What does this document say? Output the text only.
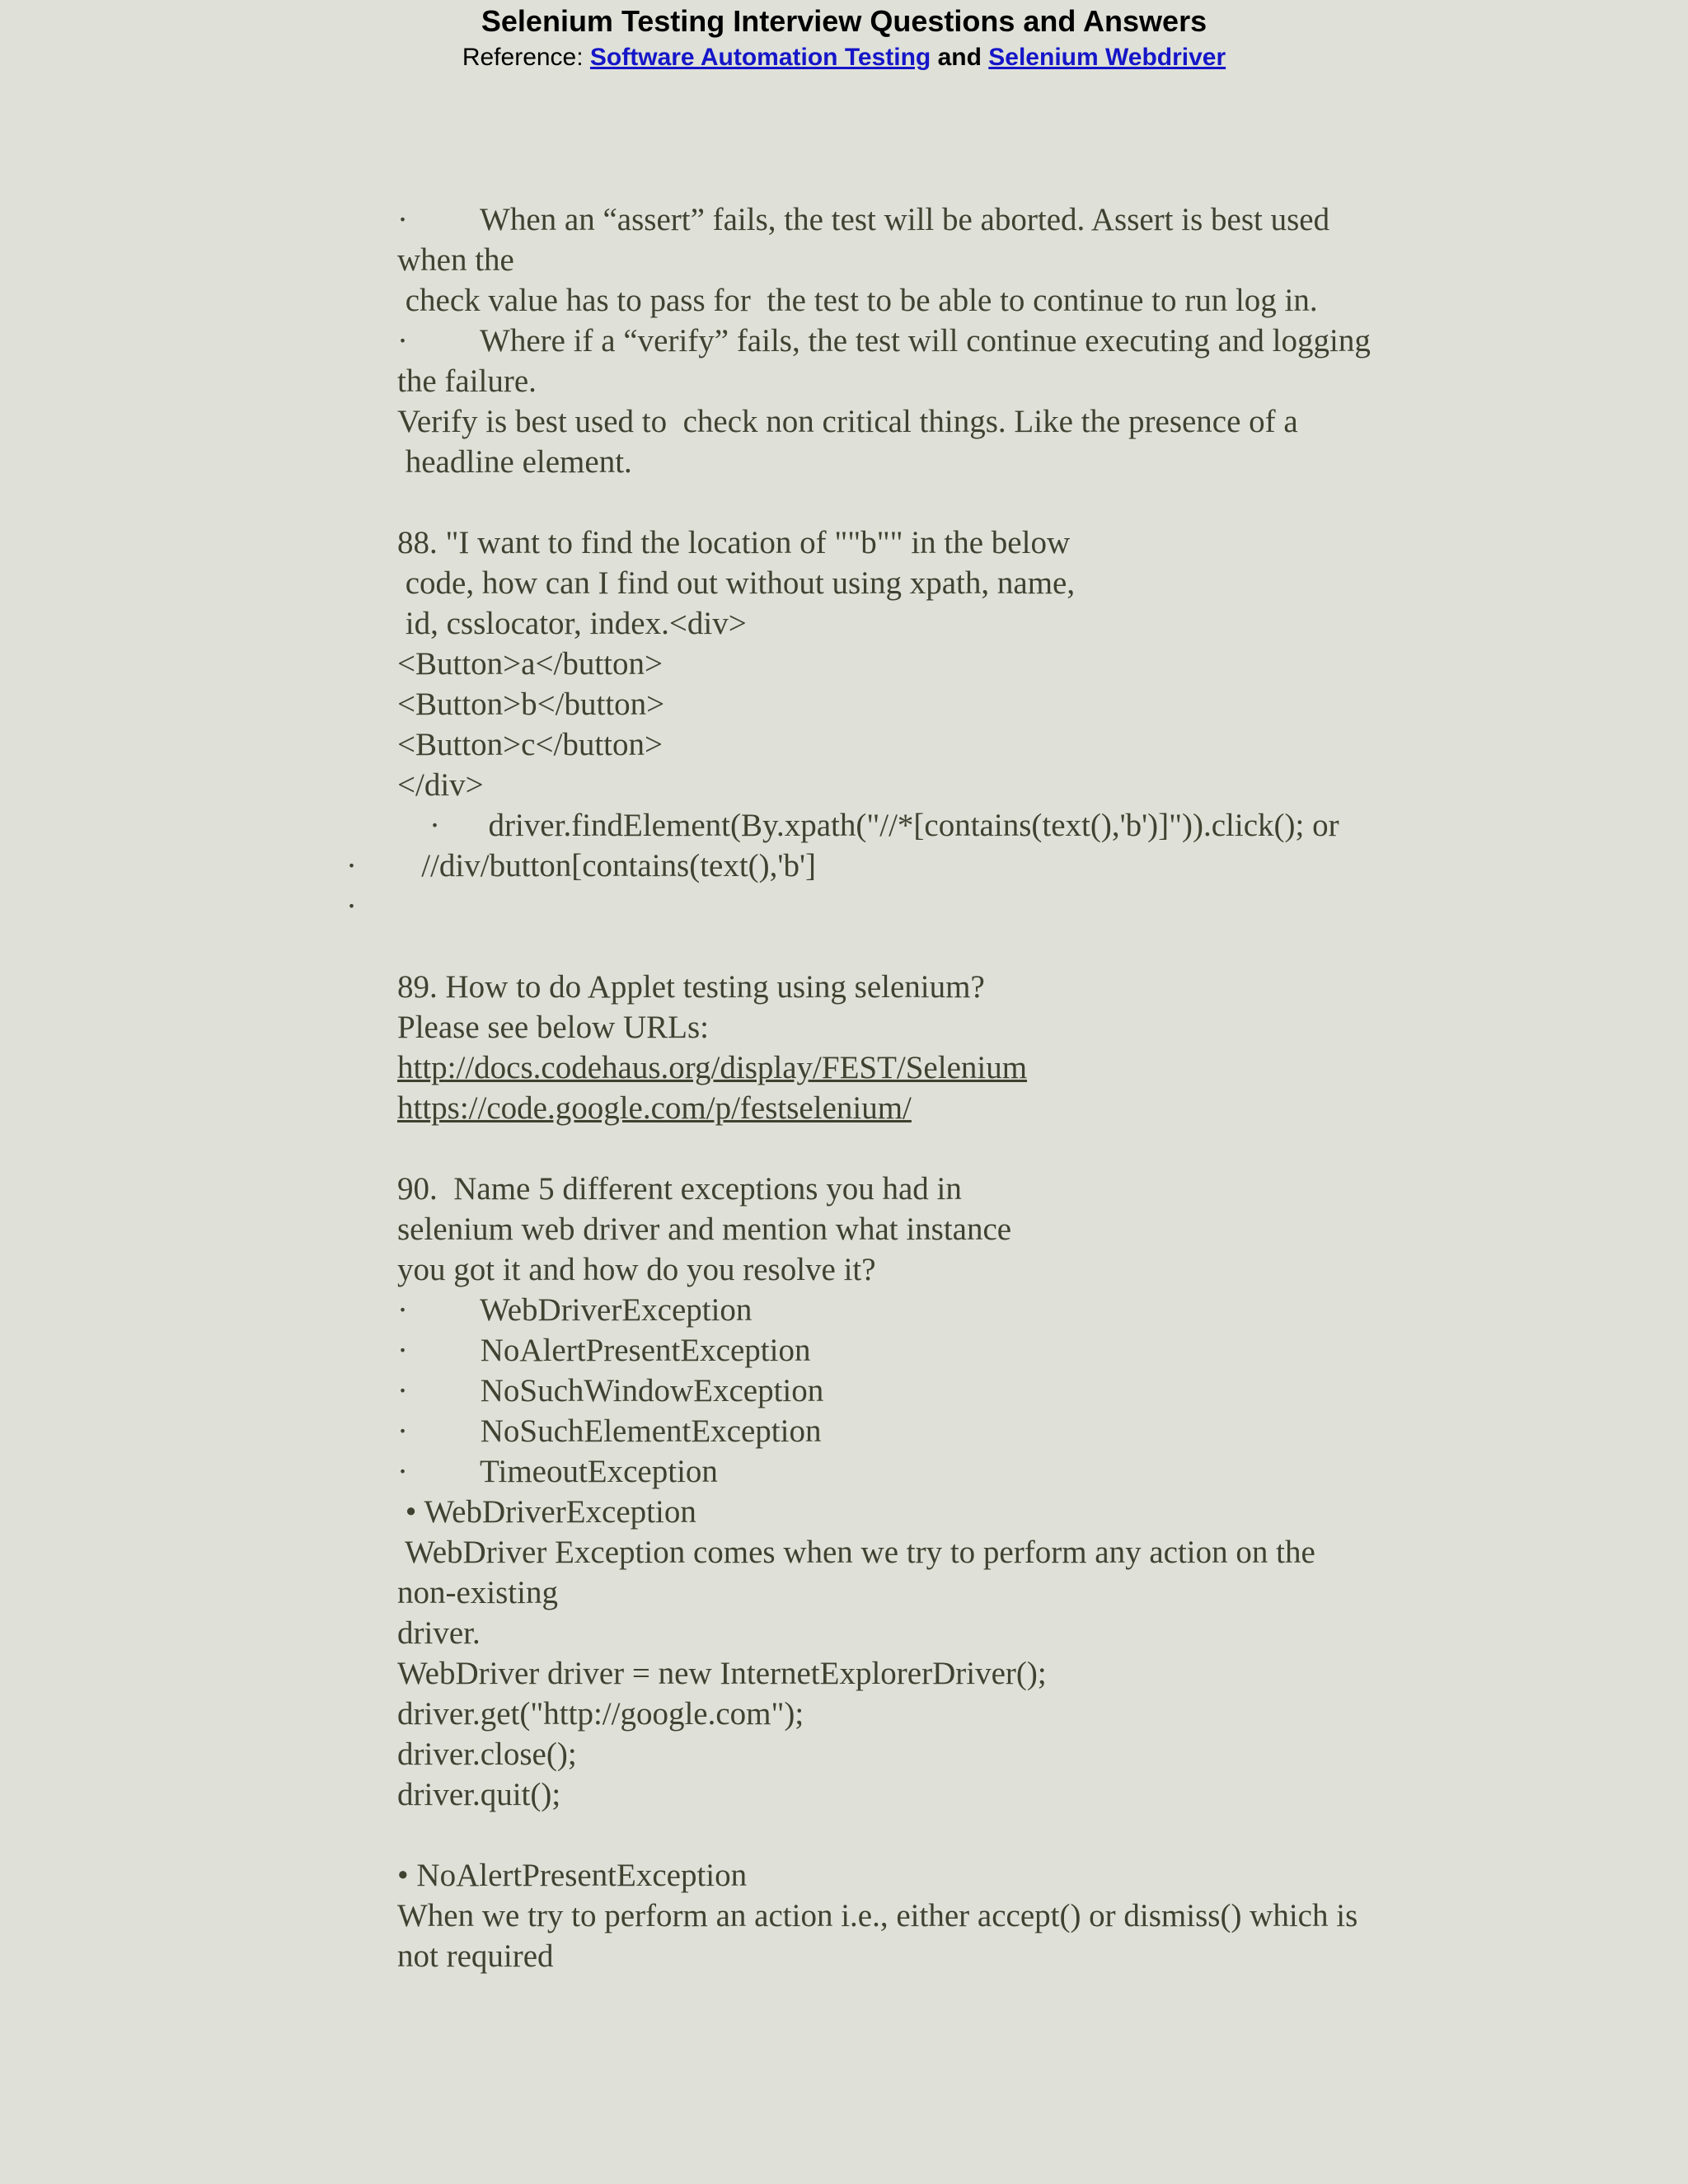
Selenium Testing Interview Questions and Answers
Reference: Software Automation Testing and Selenium Webdriver
·         When an “assert” fails, the test will be aborted. Assert is best used
when the
check value has to pass for  the test to be able to continue to run log in.
·         Where if a “verify” fails, the test will continue executing and logging
the failure.
Verify is best used to  check non critical things. Like the presence of a
headline element.
88. "I want to find the location of ""b"" in the below
code, how can I find out without using xpath, name,
id, csslocator, index.<div>
<Button>a</button>
<Button>b</button>
<Button>c</button>
</div>
·      driver.findElement(By.xpath("//*[contains(text(),'b')]")).click(); or
//div/button[contains(text(),'b']
89. How to do Applet testing using selenium?
Please see below URLs:
http://docs.codehaus.org/display/FEST/Selenium
https://code.google.com/p/festselenium/
90.  Name 5 different exceptions you had in
selenium web driver and mention what instance
you got it and how do you resolve it?
·         WebDriverException
·         NoAlertPresentException
·         NoSuchWindowException
·         NoSuchElementException
·         TimeoutException
• WebDriverException
WebDriver Exception comes when we try to perform any action on the
non-existing
driver.
WebDriver driver = new InternetExplorerDriver();
driver.get("http://google.com");
driver.close();
driver.quit();
• NoAlertPresentException
When we try to perform an action i.e., either accept() or dismiss() which is
not required
·
·
